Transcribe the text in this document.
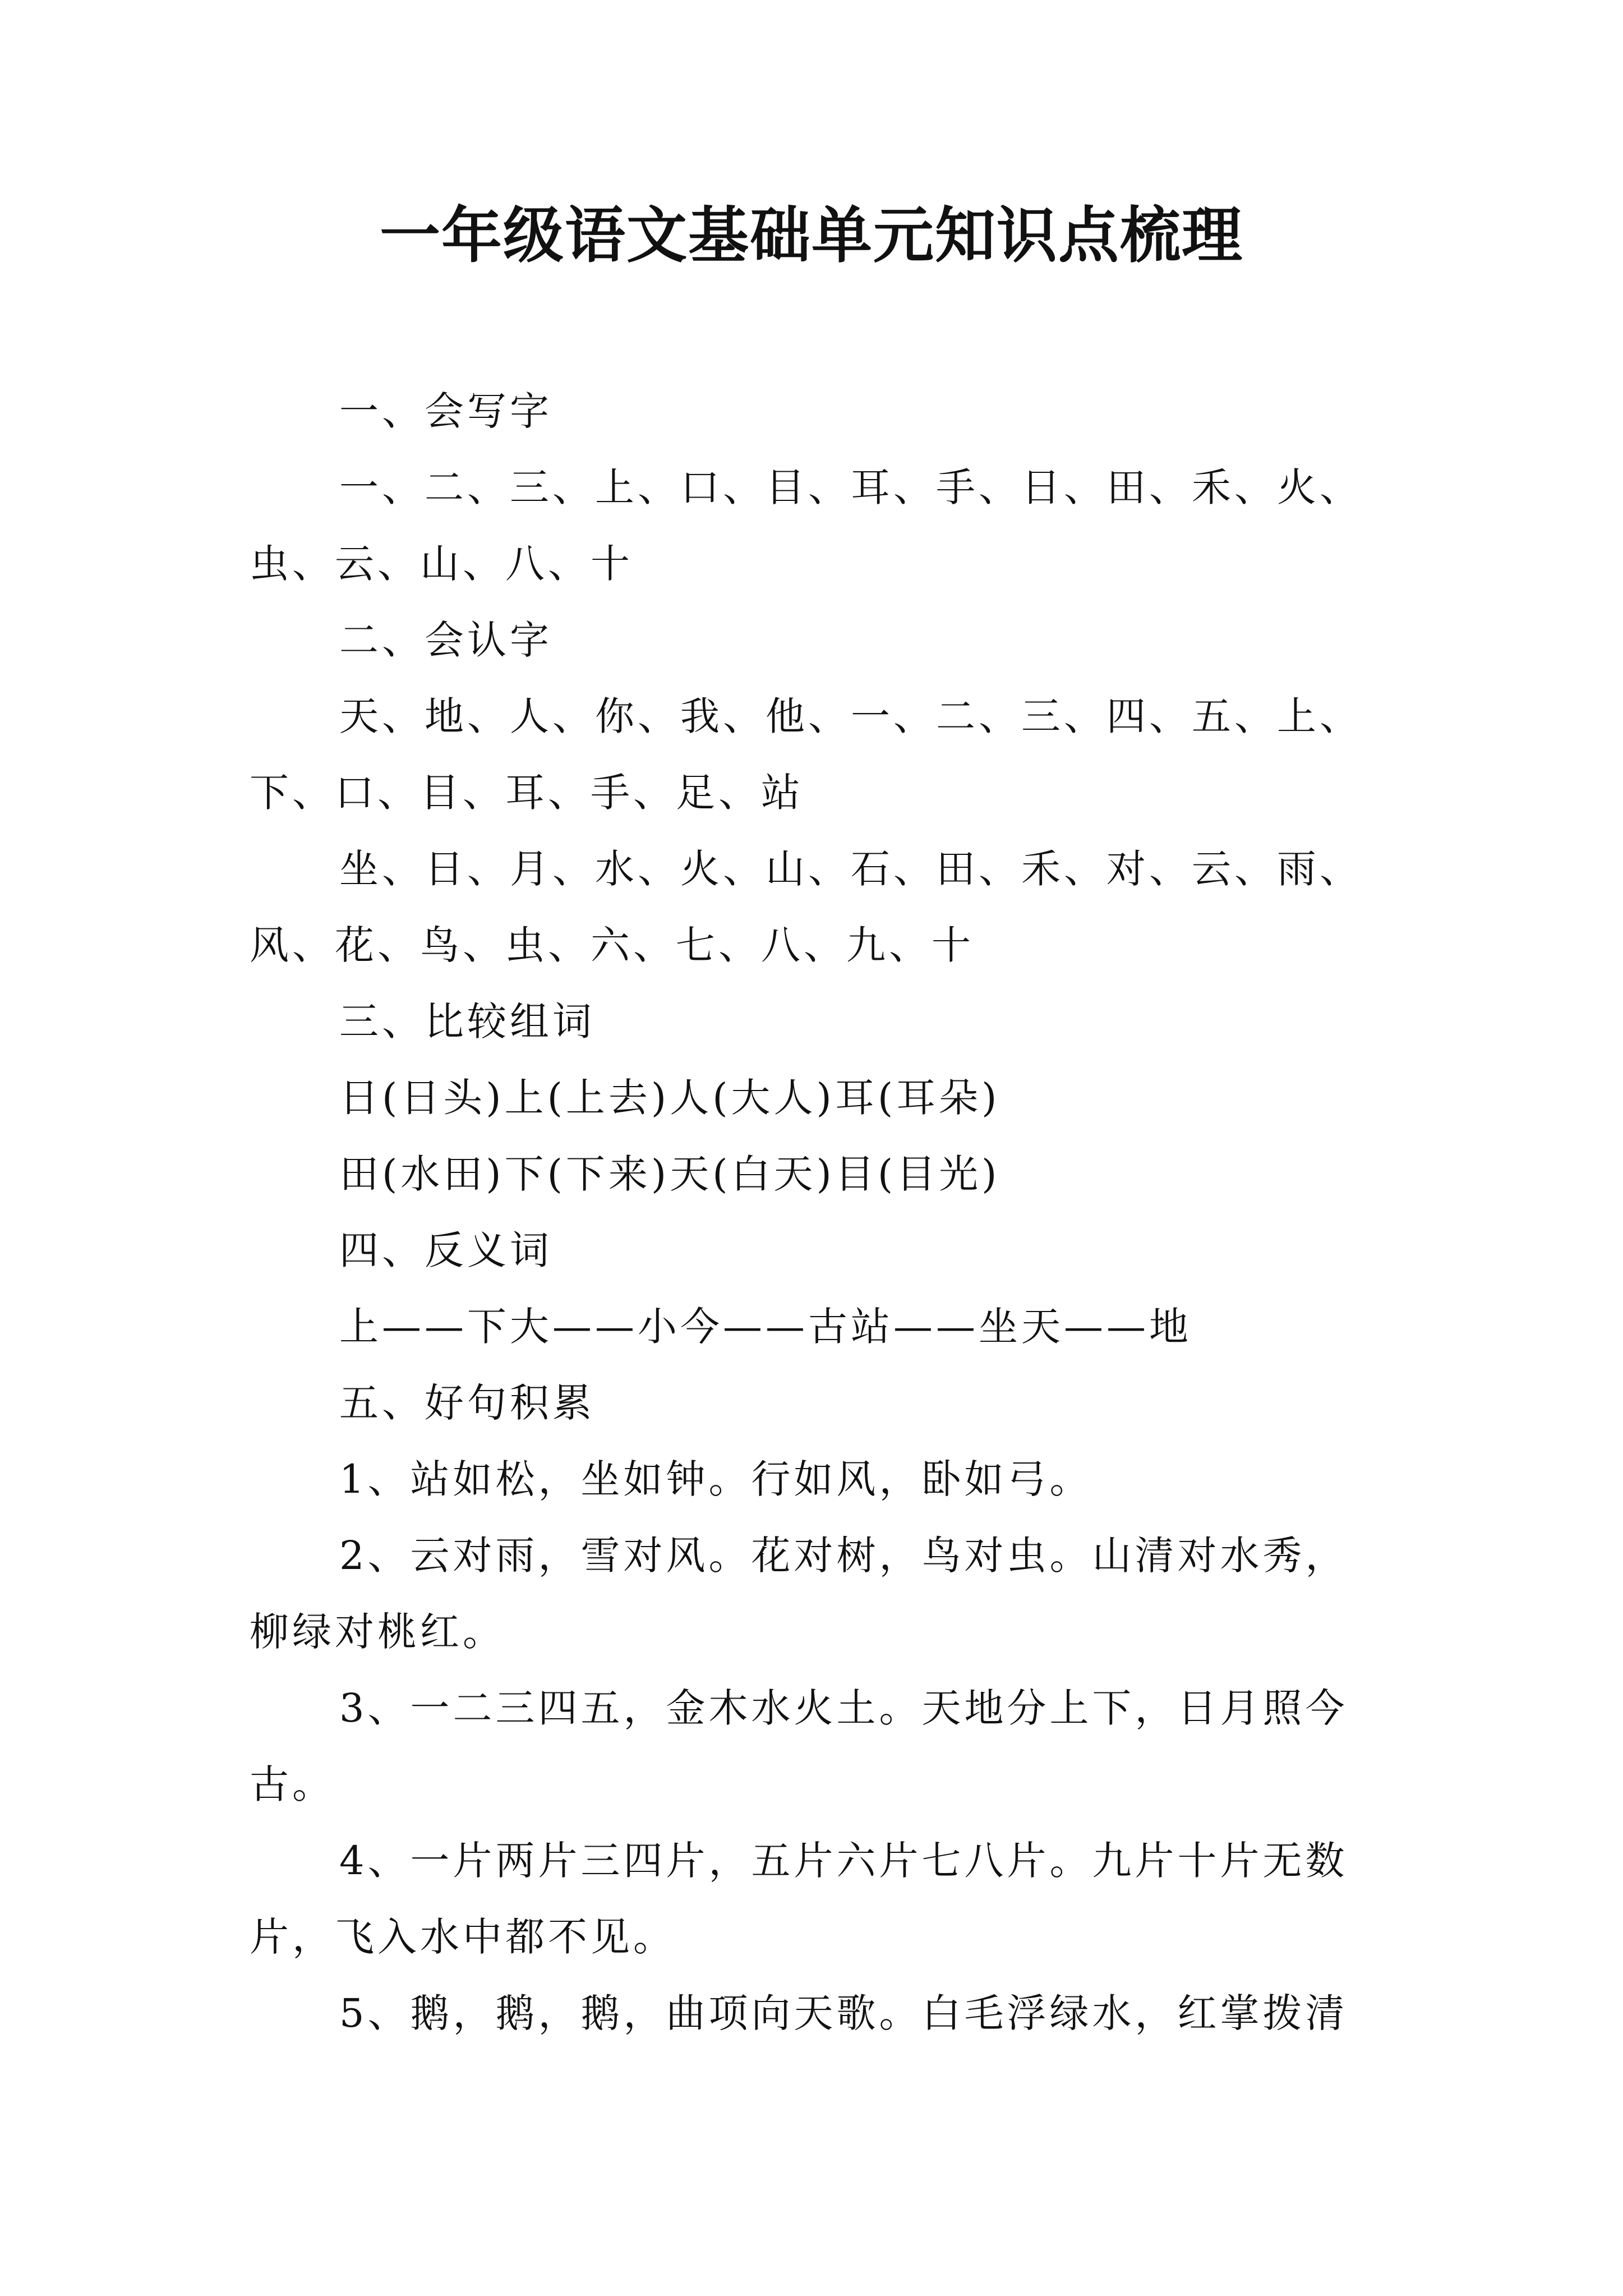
一年级语文基础单元知识点梳理
一、会写字
一、二、三、上、口、目、耳、手、日、田、禾、火、
虫、云、山、八、十
二、会认字
天、地、人、你、我、他、一、二、三、四、五、上、
下、口、目、耳、手、足、站
坐、日、月、水、火、山、石、田、禾、对、云、雨、
风、花、鸟、虫、六、七、八、九、十
三、比较组词
日(日头)上(上去)人(大人)耳(耳朵)
田(水田)下(下来)天(白天)目(目光)
四、反义词
上——下大——小今——古站——坐天——地
五、好句积累
1、站如松，坐如钟。行如风，卧如弓。
2、云对雨，雪对风。花对树，鸟对虫。山清对水秀，
柳绿对桃红。
3、一二三四五，金木水火土。天地分上下，日月照今
古。
4、一片两片三四片，五片六片七八片。九片十片无数
片，飞入水中都不见。
5、鹅，鹅，鹅，曲项向天歌。白毛浮绿水，红掌拨清
